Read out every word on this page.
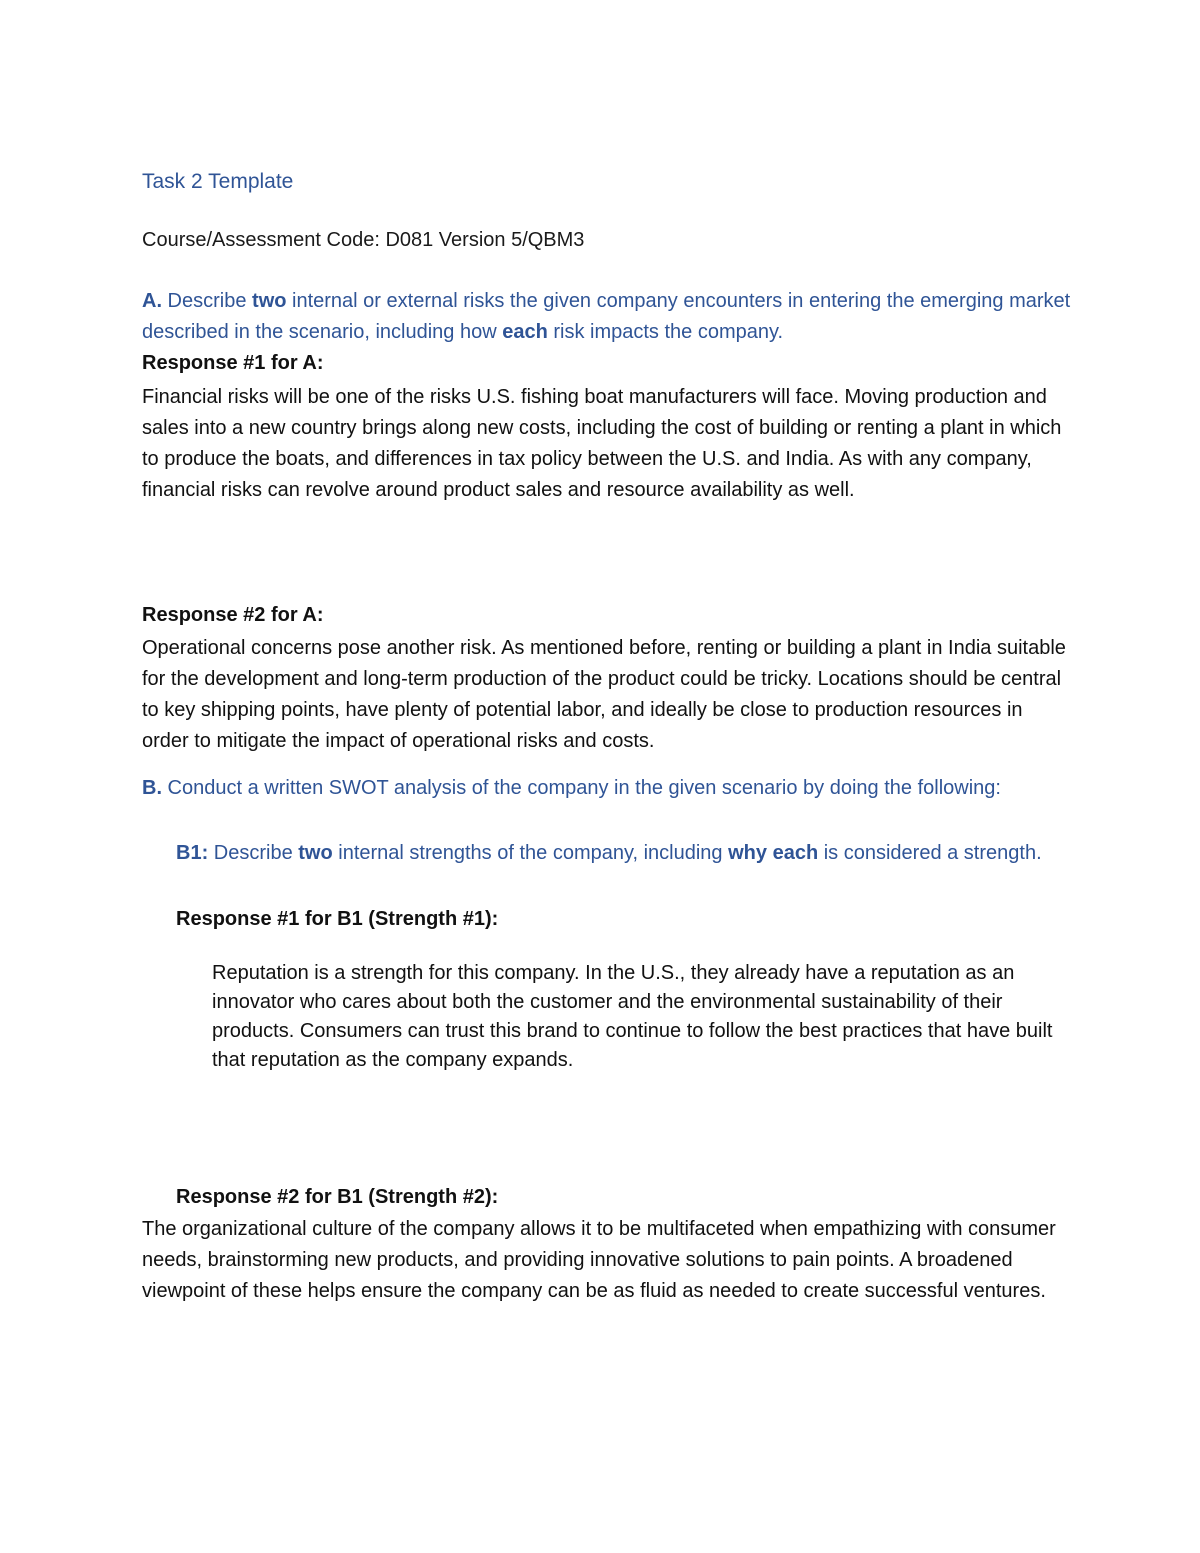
Task 2 Template

Course/Assessment Code: D081 Version 5/QBM3

A. Describe two internal or external risks the given company encounters in entering the emerging market described in the scenario, including how each risk impacts the company.

Response #1 for A:

Financial risks will be one of the risks U.S. fishing boat manufacturers will face. Moving production and sales into a new country brings along new costs, including the cost of building or renting a plant in which to produce the boats, and differences in tax policy between the U.S. and India. As with any company, financial risks can revolve around product sales and resource availability as well.

Response #2 for A:

Operational concerns pose another risk. As mentioned before, renting or building a plant in India suitable for the development and long-term production of the product could be tricky. Locations should be central to key shipping points, have plenty of potential labor, and ideally be close to production resources in order to mitigate the impact of operational risks and costs.

B. Conduct a written SWOT analysis of the company in the given scenario by doing the following:

B1: Describe two internal strengths of the company, including why each is considered a strength.

Response #1 for B1 (Strength #1):

Reputation is a strength for this company. In the U.S., they already have a reputation as an innovator who cares about both the customer and the environmental sustainability of their products. Consumers can trust this brand to continue to follow the best practices that have built that reputation as the company expands.

Response #2 for B1 (Strength #2):

The organizational culture of the company allows it to be multifaceted when empathizing with consumer needs, brainstorming new products, and providing innovative solutions to pain points. A broadened viewpoint of these helps ensure the company can be as fluid as needed to create successful ventures.
